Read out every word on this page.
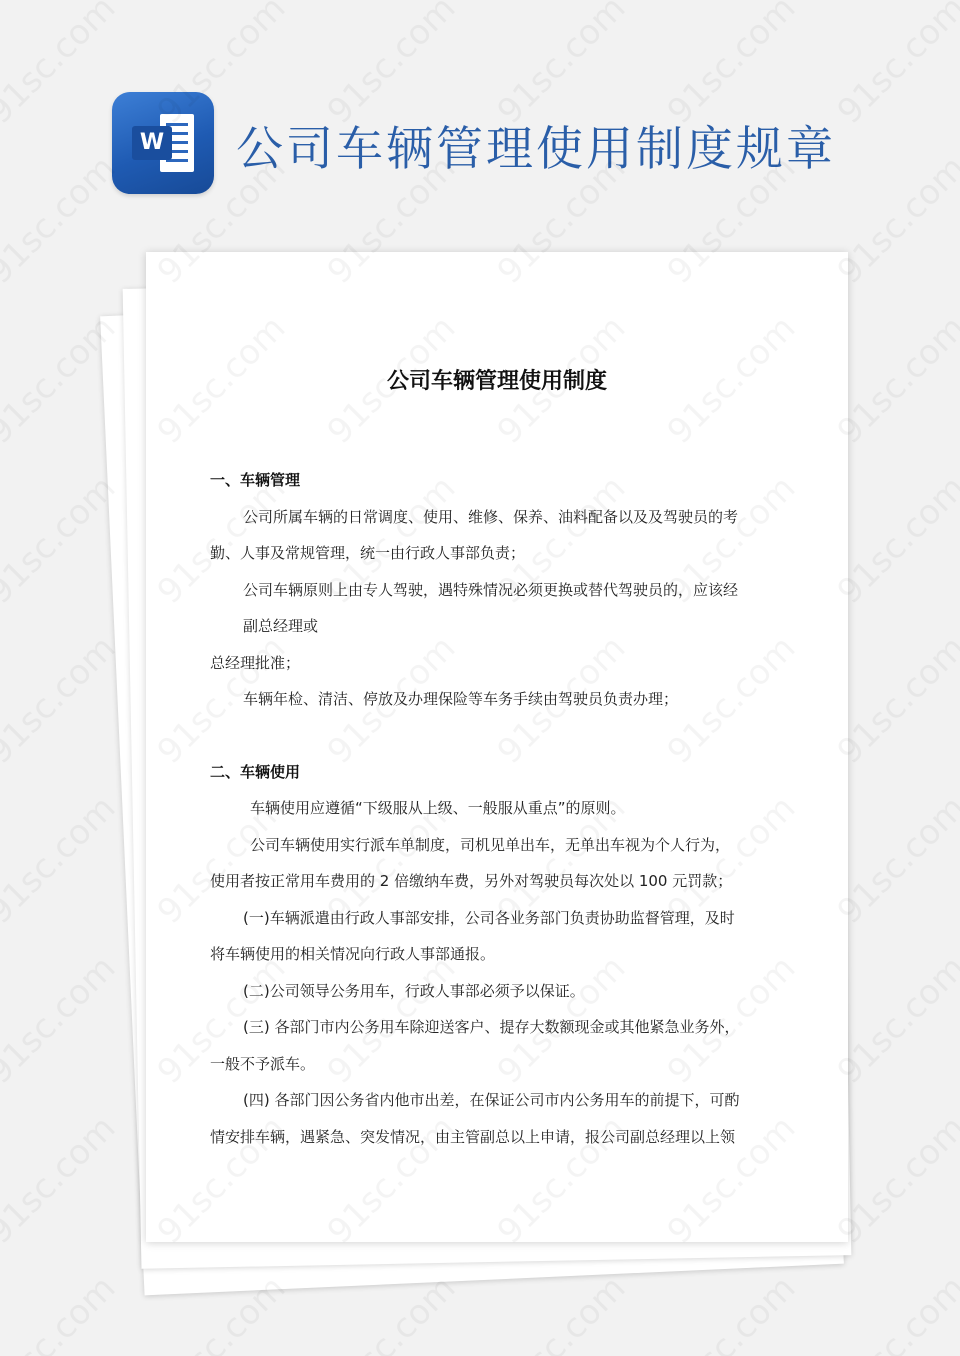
W 公司车辆管理使用制度规章
公司车辆管理使用制度

一、车辆管理

公司所属车辆的日常调度、使用、维修、保养、油料配备以及及驾驶员的考

勤、人事及常规管理，统一由行政人事部负责；

公司车辆原则上由专人驾驶，遇特殊情况必须更换或替代驾驶员的，应该经

副总经理或

总经理批准；

车辆年检、清洁、停放及办理保险等车务手续由驾驶员负责办理；

二、车辆使用

车辆使用应遵循“下级服从上级、一般服从重点”的原则。

公司车辆使用实行派车单制度，司机见单出车，无单出车视为个人行为，

使用者按正常用车费用的 2 倍缴纳车费，另外对驾驶员每次处以 100 元罚款；

(一)车辆派遣由行政人事部安排，公司各业务部门负责协助监督管理，及时

将车辆使用的相关情况向行政人事部通报。

(二)公司领导公务用车，行政人事部必须予以保证。

(三) 各部门市内公务用车除迎送客户、提存大数额现金或其他紧急业务外，

一般不予派车。

(四) 各部门因公务省内他市出差，在保证公司市内公务用车的前提下，可酌

情安排车辆，遇紧急、突发情况，由主管副总以上申请，报公司副总经理以上领
